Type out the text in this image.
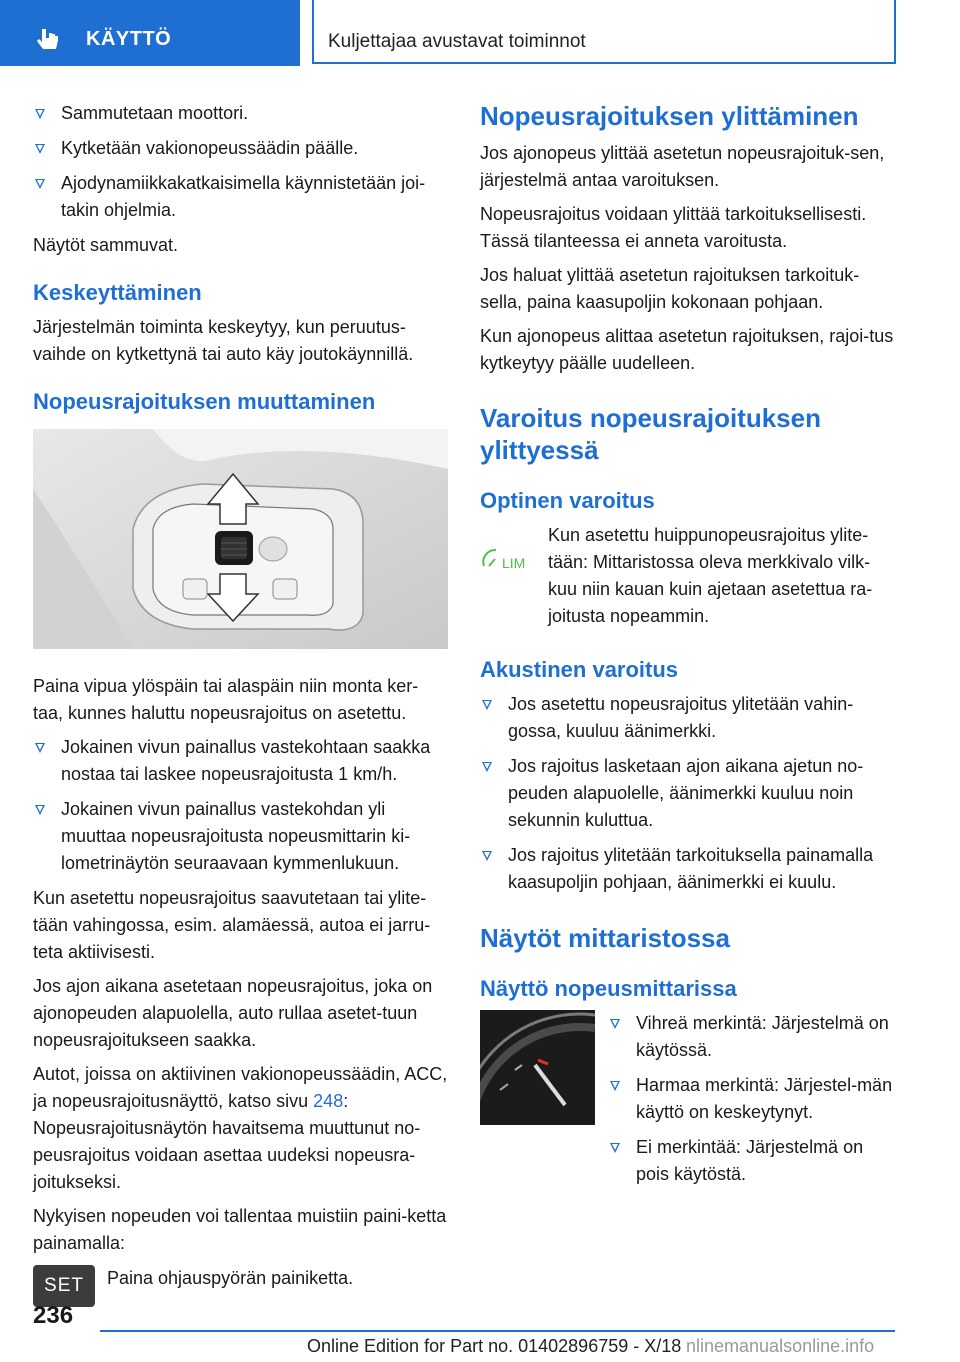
KÄYTTÖ	Kuljettajaa avustavat toiminnot
Sammutetaan moottori.
Kytketään vakionopeussäädin päälle.
Ajodynamiikkakatkaisimella käynnistetään joi-takin ohjelmia.

Näytöt sammuvat.

Keskeyttäminen

Järjestelmän toiminta keskeytyy, kun peruutus-vaihde on kytkettynä tai auto käy joutokäynnillä.

Nopeusrajoituksen muuttaminen

Paina vipua ylöspäin tai alaspäin niin monta ker-taa, kunnes haluttu nopeusrajoitus on asetettu.

Jokainen vivun painallus vastekohtaan saakka nostaa tai laskee nopeusrajoitusta 1 km/h.
Jokainen vivun painallus vastekohdan yli muuttaa nopeusrajoitusta nopeusmittarin ki-lometrinäytön seuraavaan kymmenlukuun.

Kun asetettu nopeusrajoitus saavutetaan tai ylite-tään vahingossa, esim. alamäessä, autoa ei jarru-teta aktiivisesti.

Jos ajon aikana asetetaan nopeusrajoitus, joka on ajonopeuden alapuolella, auto rullaa asetet-tuun nopeusrajoitukseen saakka.

Autot, joissa on aktiivinen vakionopeussäädin, ACC, ja nopeusrajoitusnäyttö, katso sivu 248: Nopeusrajoitusnäytön havaitsema muuttunut no-peusrajoitus voidaan asettaa uudeksi nopeusra-joitukseksi.

Nykyisen nopeuden voi tallentaa muistiin paini-ketta painamalla:

SET	Paina ohjauspyörän painiketta.
Nopeusrajoituksen ylittäminen

Jos ajonopeus ylittää asetetun nopeusrajoituk-sen, järjestelmä antaa varoituksen.

Nopeusrajoitus voidaan ylittää tarkoituksellisesti. Tässä tilanteessa ei anneta varoitusta.

Jos haluat ylittää asetetun rajoituksen tarkoituk-sella, paina kaasupoljin kokonaan pohjaan.

Kun ajonopeus alittaa asetetun rajoituksen, rajoi-tus kytkeytyy päälle uudelleen.

Varoitus nopeusrajoituksen ylittyessä
Optinen varoitus
LIM

Kun asetettu huippunopeusrajoitus ylite-tään: Mittaristossa oleva merkkivalo vilk-kuu niin kauan kuin ajetaan asetettua ra-joitusta nopeammin.

Akustinen varoitus
Jos asetettu nopeusrajoitus ylitetään vahin-gossa, kuuluu äänimerkki.
Jos rajoitus lasketaan ajon aikana ajetun no-peuden alapuolelle, äänimerkki kuuluu noin sekunnin kuluttua.
Jos rajoitus ylitetään tarkoituksella painamalla kaasupoljin pohjaan, äänimerkki ei kuulu.
Näytöt mittaristossa
Näyttö nopeusmittarissa
Vihreä merkintä: Järjestelmä on käytössä.
Harmaa merkintä: Järjestel-män käyttö on keskeytynyt.
Ei merkintää: Järjestelmä on pois käytöstä.
236
Online Edition for Part no. 01402896759 - X/18 nlinemanualsonline.info
